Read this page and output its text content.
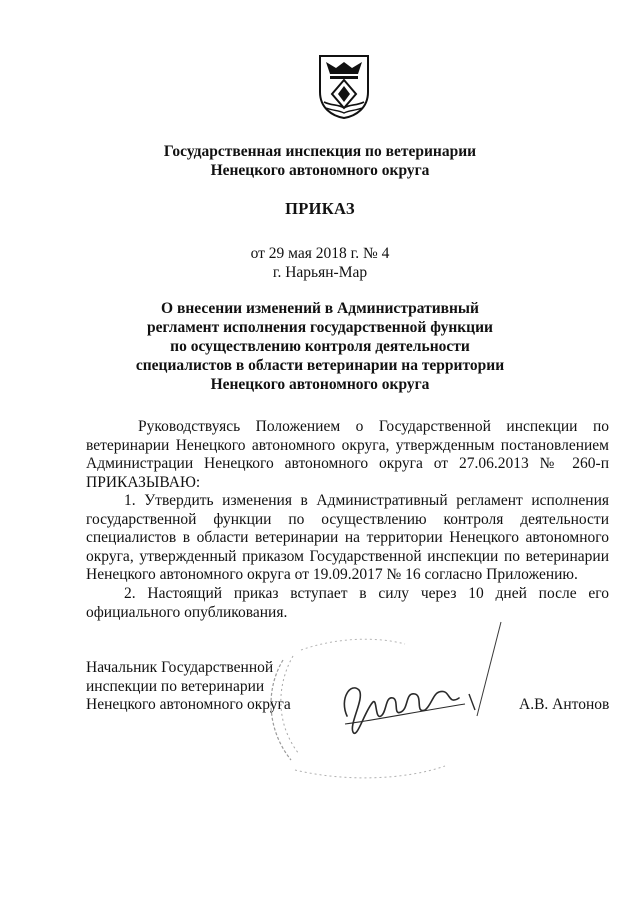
Государственная инспекция по ветеринарии
Ненецкого автономного округа
ПРИКАЗ
от 29 мая 2018 г. № 4
г. Нарьян-Мар
О внесении изменений в Административный
регламент исполнения государственной функции
по осуществлению контроля деятельности
специалистов в области ветеринарии на территории
Ненецкого автономного округа
Руководствуясь Положением о Государственной инспекции по
ветеринарии Ненецкого автономного округа, утвержденным постановлением
Администрации Ненецкого автономного округа от 27.06.2013 № 260-п
ПРИКАЗЫВАЮ:
1. Утвердить изменения в Административный регламент исполнения
государственной функции по осуществлению контроля деятельности
специалистов в области ветеринарии на территории Ненецкого автономного
округа, утвержденный приказом Государственной инспекции по ветеринарии
Ненецкого автономного округа от 19.09.2017 № 16 согласно Приложению.
2. Настоящий приказ вступает в силу через 10 дней после его
официального опубликования.
Начальник Государственной
инспекции по ветеринарии
Ненецкого автономного округа	А.В. Антонов
